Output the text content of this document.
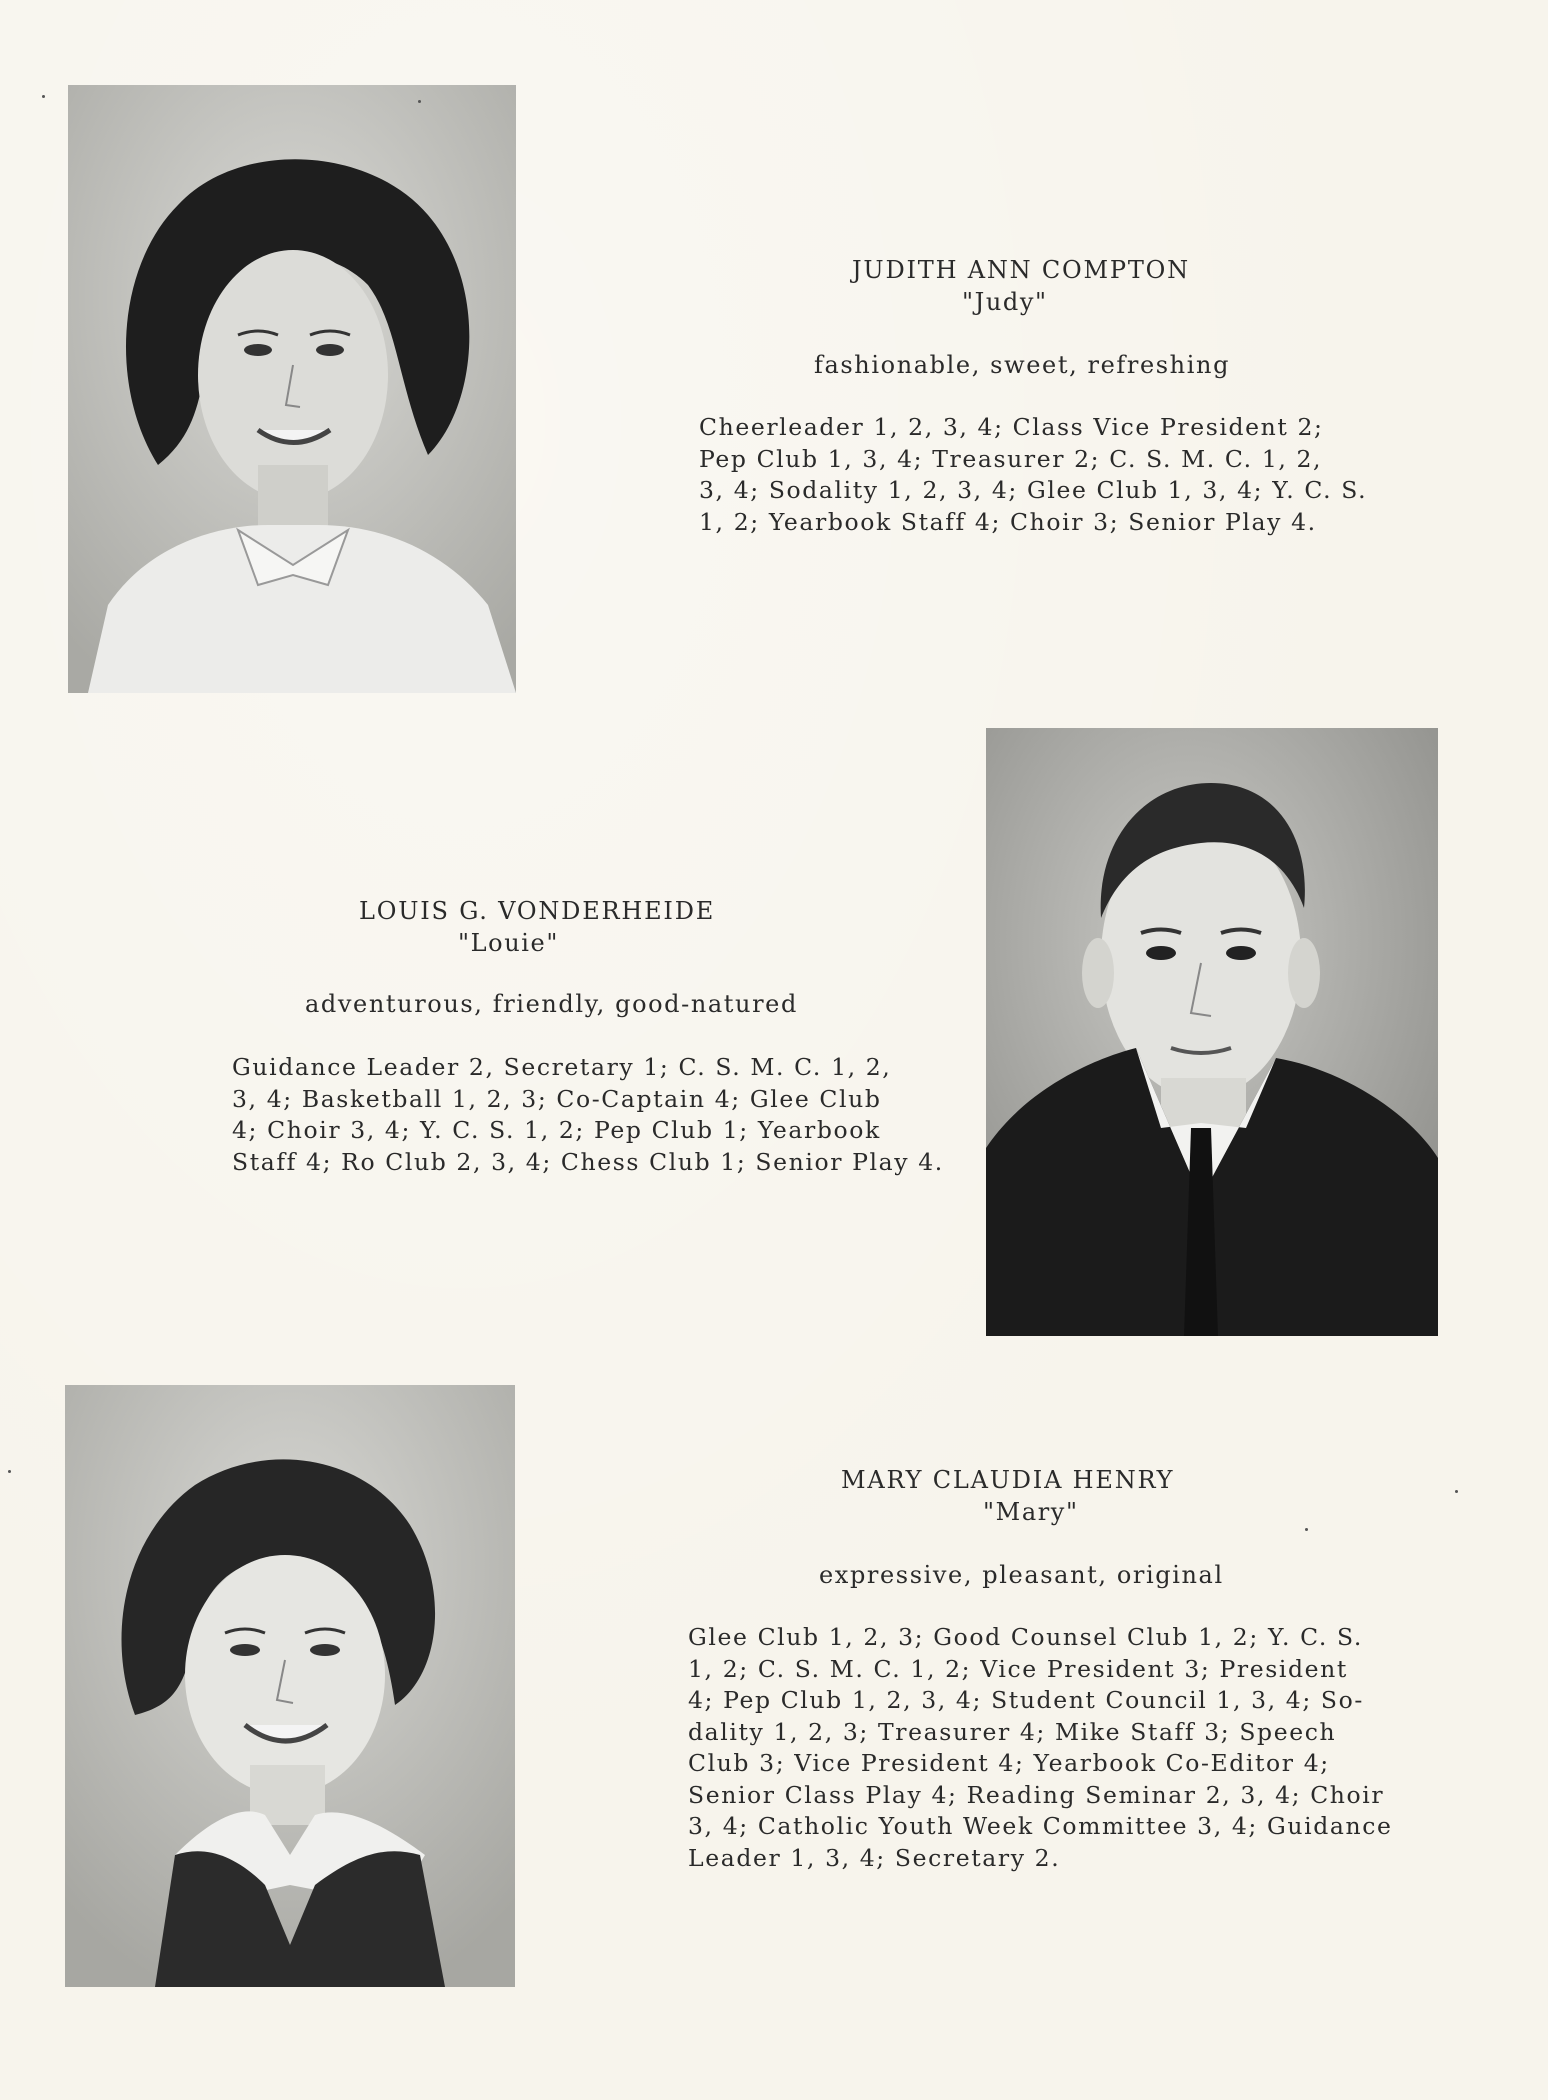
JUDITH ANN COMPTON
"Judy"
fashionable, sweet, refreshing
Cheerleader 1, 2, 3, 4; Class Vice President 2;
Pep Club 1, 3, 4; Treasurer 2; C. S. M. C. 1, 2,
3, 4; Sodality 1, 2, 3, 4; Glee Club 1, 3, 4; Y. C. S.
1, 2; Yearbook Staff 4; Choir 3; Senior Play 4.
LOUIS G. VONDERHEIDE
"Louie"
adventurous, friendly, good-natured
Guidance Leader 2, Secretary 1; C. S. M. C. 1, 2,
3, 4; Basketball 1, 2, 3; Co-Captain 4; Glee Club
4; Choir 3, 4; Y. C. S. 1, 2; Pep Club 1; Yearbook
Staff 4; Ro Club 2, 3, 4; Chess Club 1; Senior Play 4.
MARY CLAUDIA HENRY
"Mary"
expressive, pleasant, original
Glee Club 1, 2, 3; Good Counsel Club 1, 2; Y. C. S.
1, 2; C. S. M. C. 1, 2; Vice President 3; President
4; Pep Club 1, 2, 3, 4; Student Council 1, 3, 4; So-
dality 1, 2, 3; Treasurer 4; Mike Staff 3; Speech
Club 3; Vice President 4; Yearbook Co-Editor 4;
Senior Class Play 4; Reading Seminar 2, 3, 4; Choir
3, 4; Catholic Youth Week Committee 3, 4; Guidance
Leader 1, 3, 4; Secretary 2.
